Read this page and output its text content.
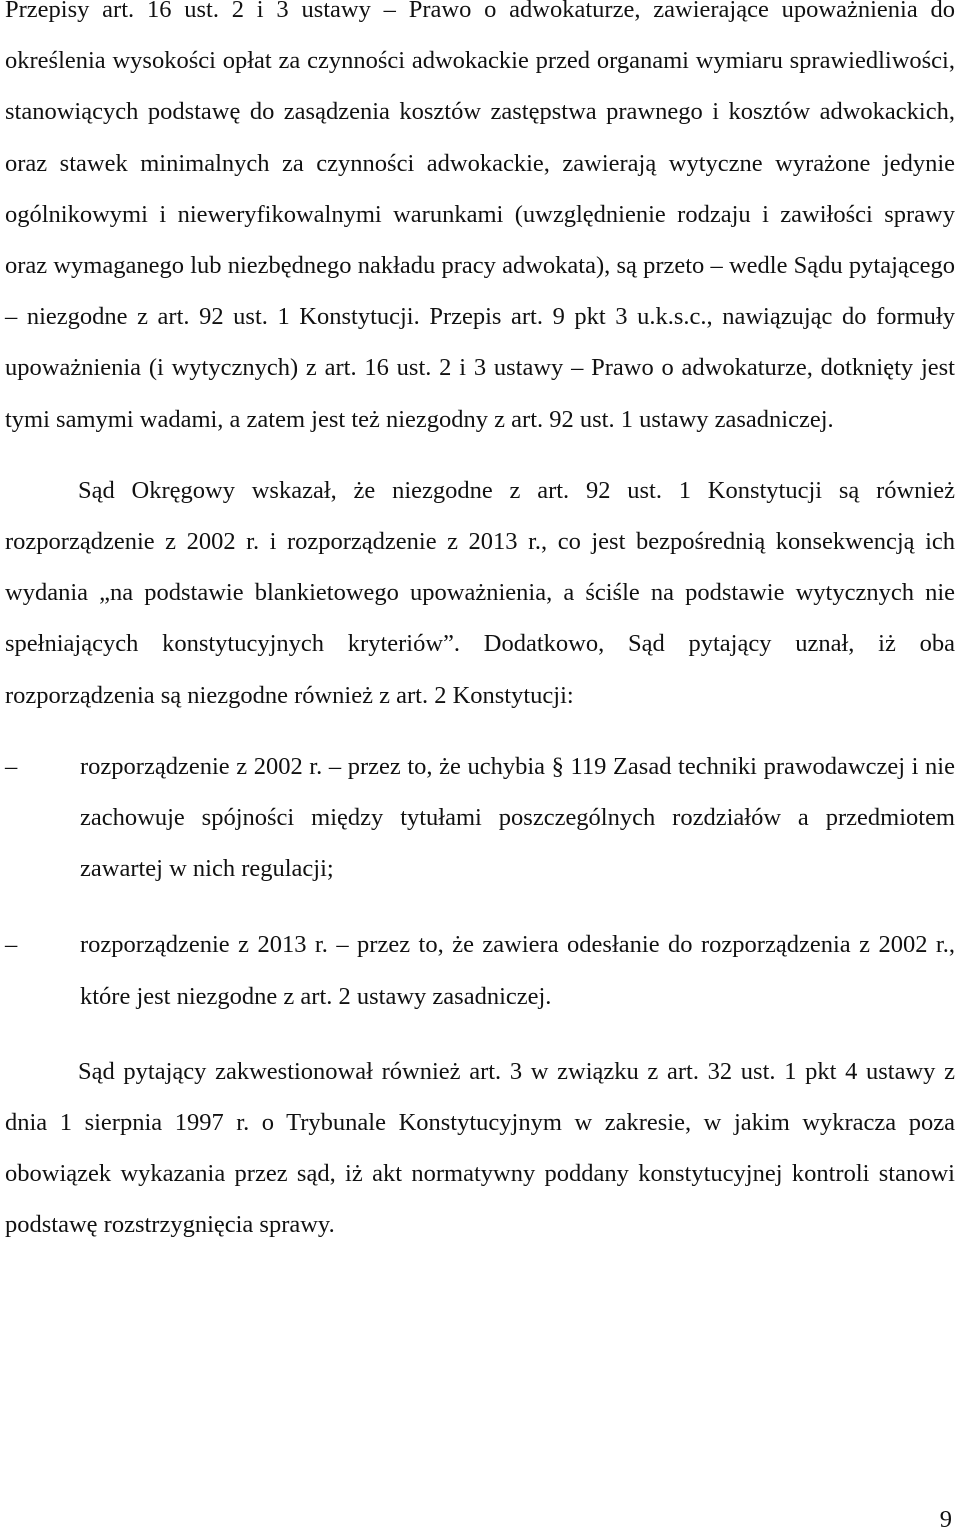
Przepisy art. 16 ust. 2 i 3 ustawy – Prawo o adwokaturze, zawierające upoważnienia do określenia wysokości opłat za czynności adwokackie przed organami wymiaru sprawiedliwości, stanowiących podstawę do zasądzenia kosztów zastępstwa prawnego i kosztów adwokackich, oraz stawek minimalnych za czynności adwokackie, zawierają wytyczne wyrażone jedynie ogólnikowymi i nieweryfikowalnymi warunkami (uwzględnienie rodzaju i zawiłości sprawy oraz wymaganego lub niezbędnego nakładu pracy adwokata), są przeto – wedle Sądu pytającego – niezgodne z art. 92 ust. 1 Konstytucji. Przepis art. 9 pkt 3 u.k.s.c., nawiązując do formuły upoważnienia (i wytycznych) z art. 16 ust. 2 i 3 ustawy – Prawo o adwokaturze, dotknięty jest tymi samymi wadami, a zatem jest też niezgodny z art. 92 ust. 1 ustawy zasadniczej.

Sąd Okręgowy wskazał, że niezgodne z art. 92 ust. 1 Konstytucji są również rozporządzenie z 2002 r. i rozporządzenie z 2013 r., co jest bezpośrednią konsekwencją ich wydania „na podstawie blankietowego upoważnienia, a ściśle na podstawie wytycznych nie spełniających konstytucyjnych kryteriów”. Dodatkowo, Sąd pytający uznał, iż oba rozporządzenia są niezgodne również z art. 2 Konstytucji:

–	rozporządzenie z 2002 r. – przez to, że uchybia § 119 Zasad techniki prawodawczej i nie zachowuje spójności między tytułami poszczególnych rozdziałów a przedmiotem zawartej w nich regulacji;
–	rozporządzenie z 2013 r. – przez to, że zawiera odesłanie do rozporządzenia z 2002 r., które jest niezgodne z art. 2 ustawy zasadniczej.

Sąd pytający zakwestionował również art. 3 w związku z art. 32 ust. 1 pkt 4 ustawy z dnia 1 sierpnia 1997 r. o Trybunale Konstytucyjnym w zakresie, w jakim wykracza poza obowiązek wykazania przez sąd, iż akt normatywny poddany konstytucyjnej kontroli stanowi podstawę rozstrzygnięcia sprawy.

9
